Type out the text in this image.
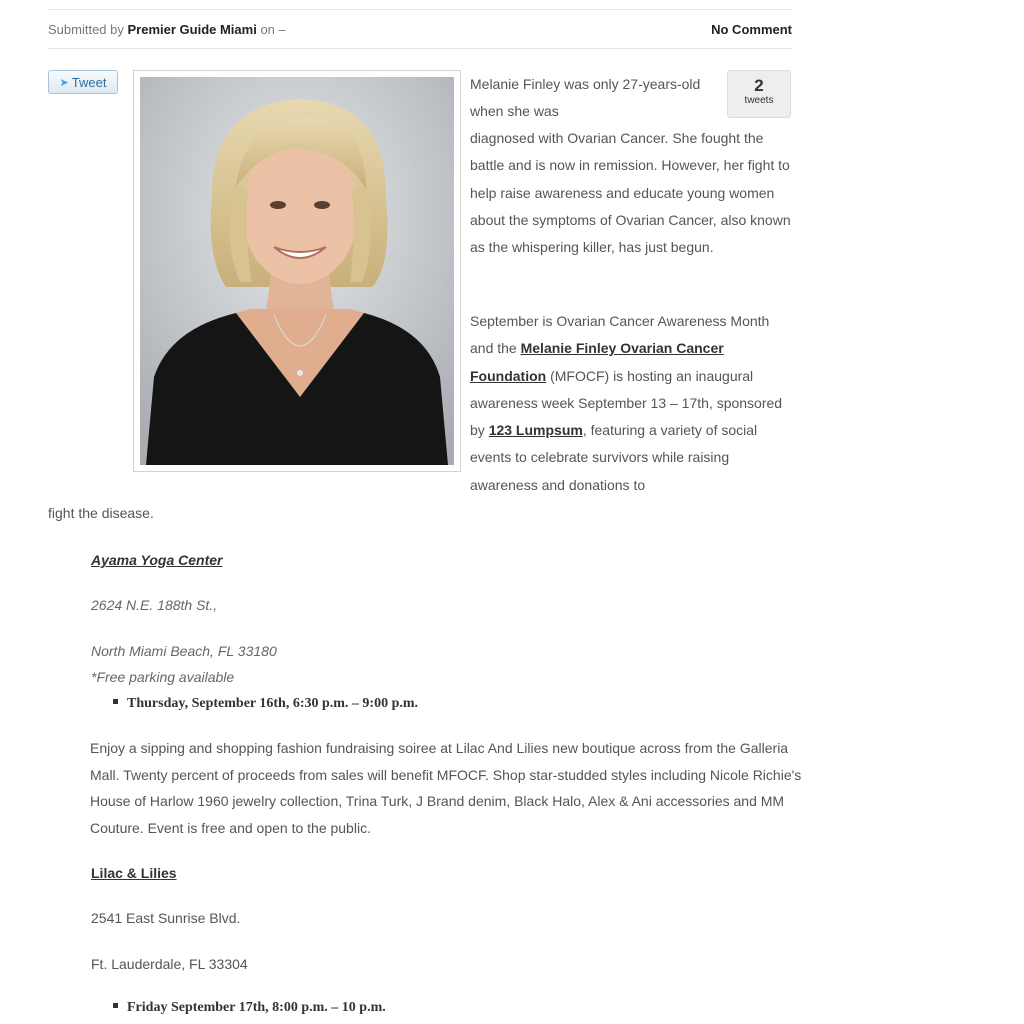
Submitted by Premier Guide Miami on –	No Comment
➤ Tweet	2
tweets

Melanie Finley was only 27-years-old when she was

diagnosed with Ovarian Cancer. She fought the battle and is now in remission. However, her fight to help raise awareness and educate young women about the symptoms of Ovarian Cancer, also known as the whispering killer, has just begun.

September is Ovarian Cancer Awareness Month and the Melanie Finley Ovarian Cancer Foundation (MFOCF) is hosting an inaugural awareness week September 13 – 17th, sponsored by 123 Lumpsum, featuring a variety of social events to celebrate survivors while raising awareness and donations to

fight the disease.

Ayama Yoga Center
2624 N.E. 188th St.,
North Miami Beach, FL 33180
*Free parking available
Thursday, September 16th, 6:30 p.m. – 9:00 p.m.

Enjoy a sipping and shopping fashion fundraising soiree at Lilac And Lilies new boutique across from the Galleria Mall. Twenty percent of proceeds from sales will benefit MFOCF. Shop star-studded styles including Nicole Richie's House of Harlow 1960 jewelry collection, Trina Turk, J Brand denim, Black Halo, Alex & Ani accessories and MM Couture. Event is free and open to the public.

Lilac & Lilies
2541 East Sunrise Blvd.
Ft. Lauderdale, FL 33304
Friday September 17th, 8:00 p.m. – 10 p.m.
